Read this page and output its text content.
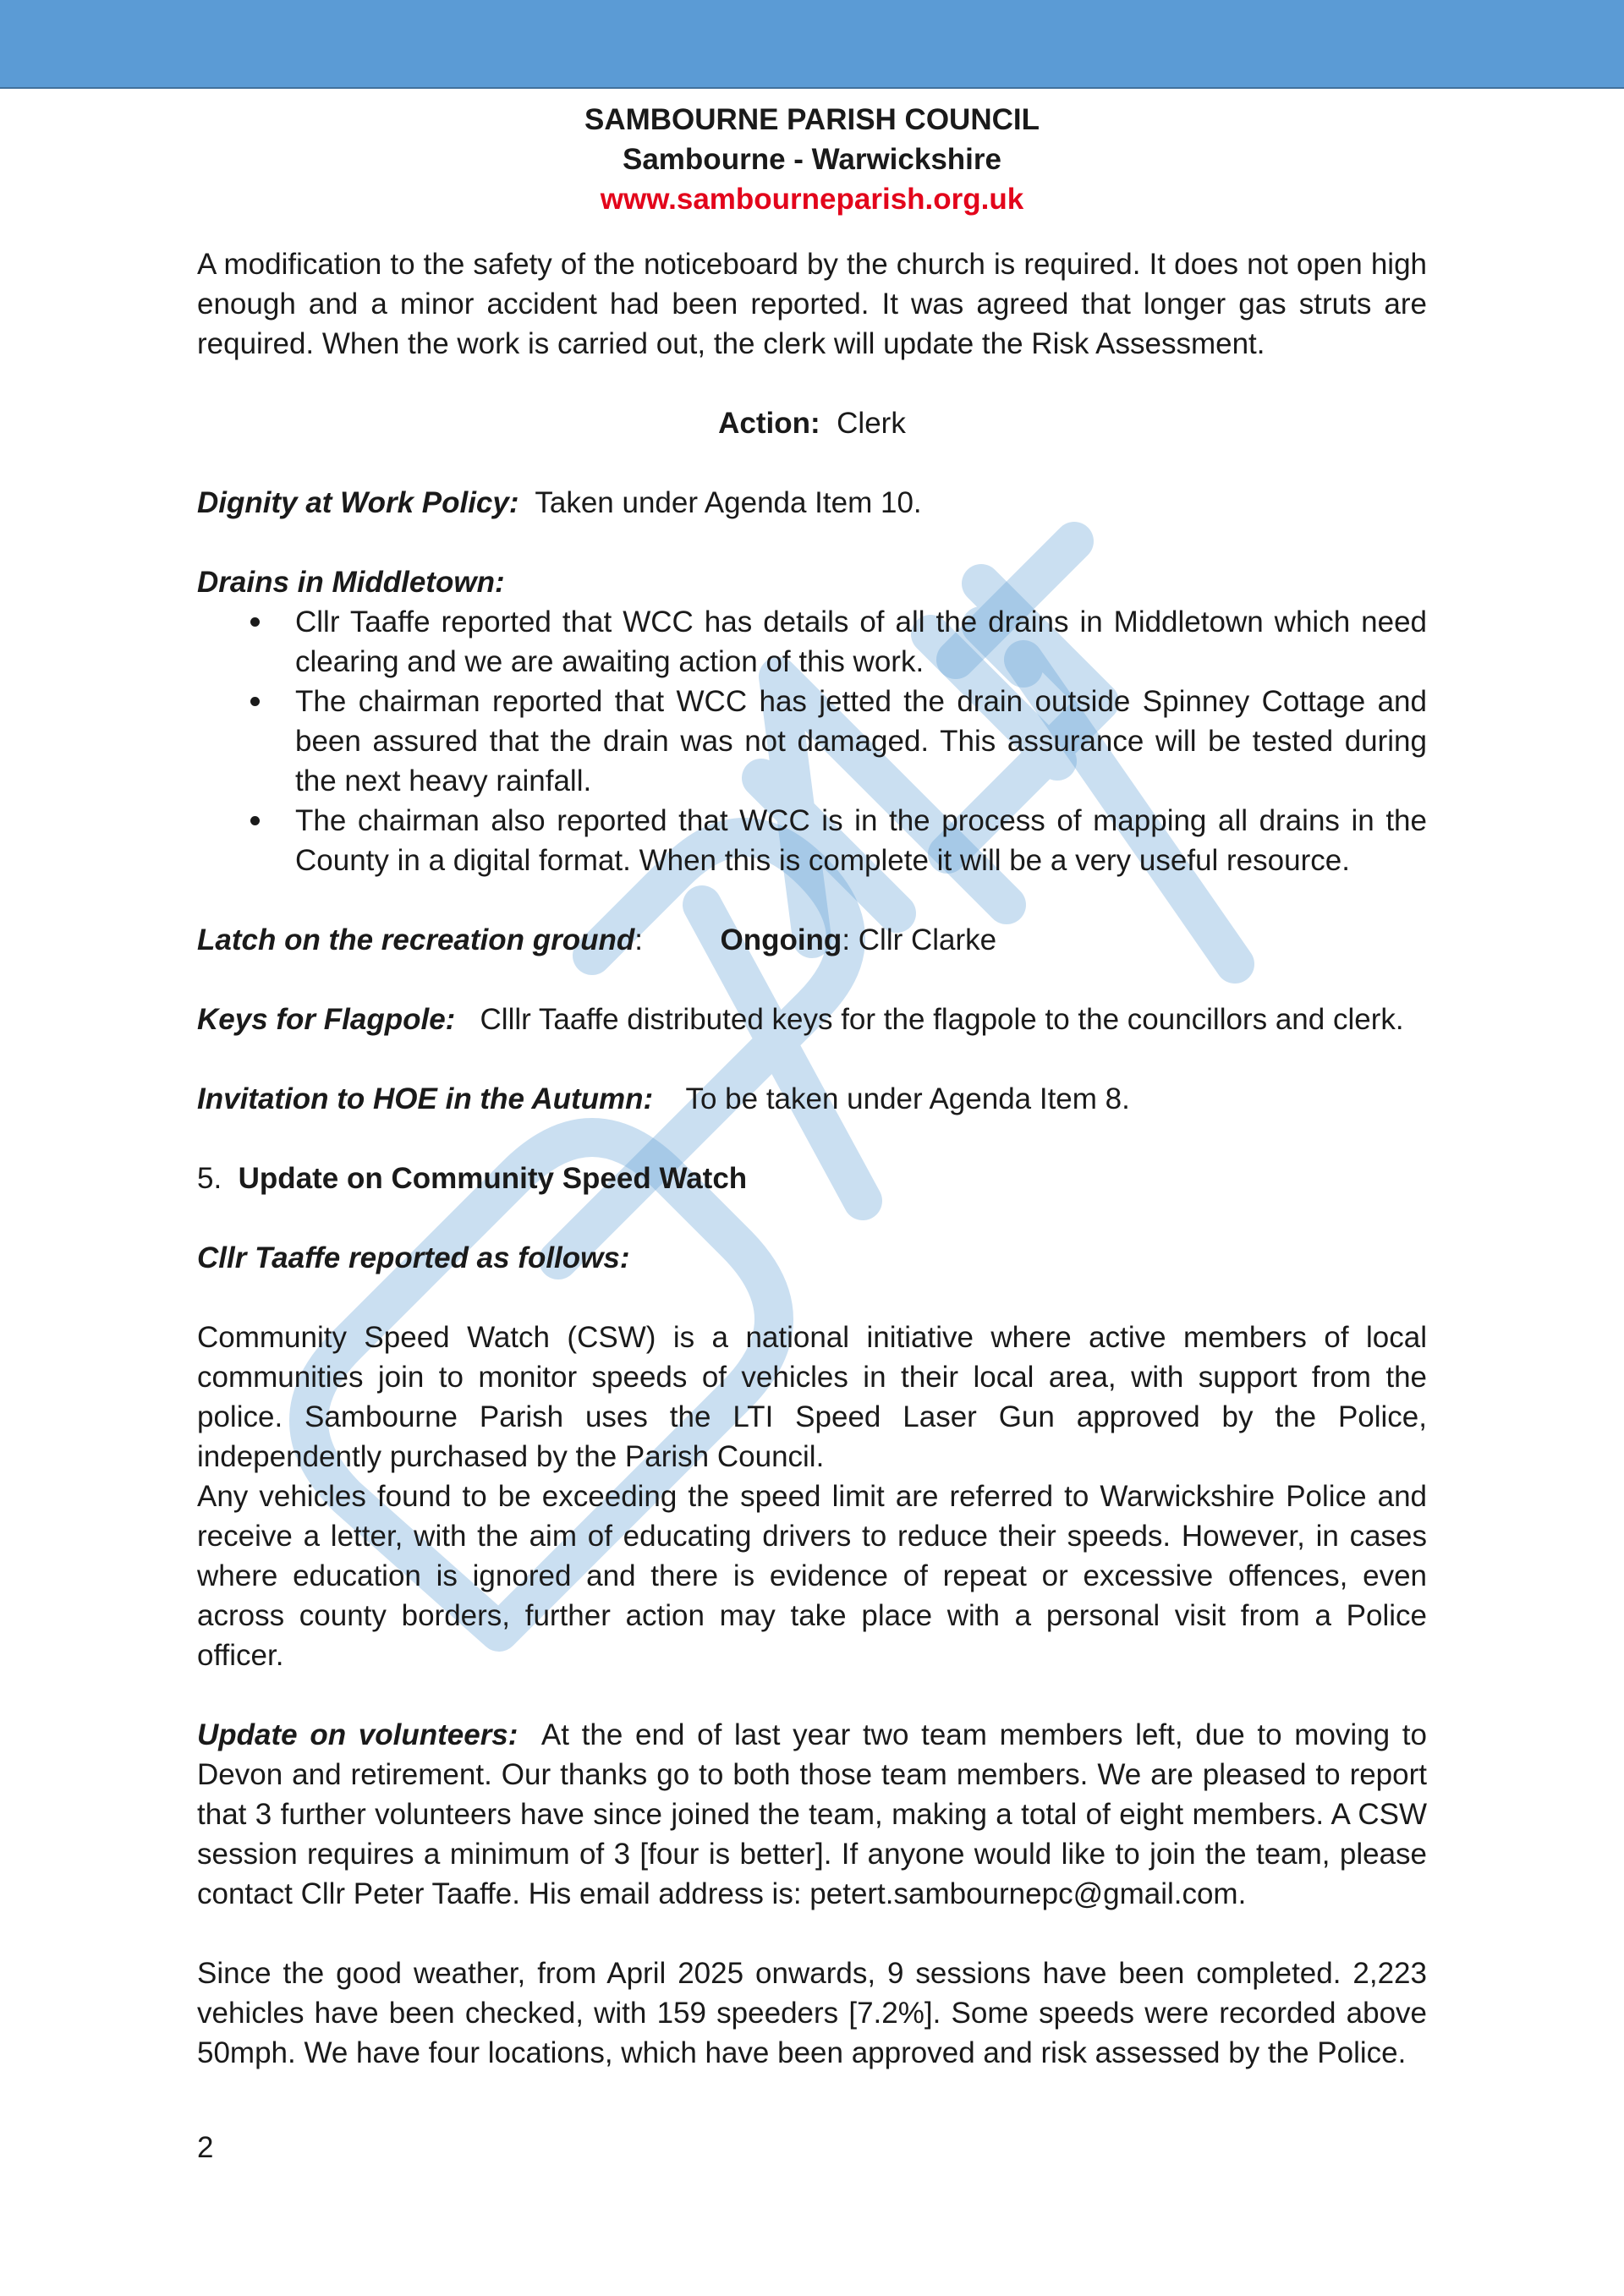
SAMBOURNE PARISH COUNCIL
Sambourne - Warwickshire
www.sambourneparish.org.uk

A modification to the safety of the noticeboard by the church is required. It does not open high enough and a minor accident had been reported. It was agreed that longer gas struts are required. When the work is carried out, the clerk will update the Risk Assessment.

Action: Clerk

Dignity at Work Policy: Taken under Agenda Item 10.

Drains in Middletown:

Cllr Taaffe reported that WCC has details of all the drains in Middletown which need clearing and we are awaiting action of this work.
The chairman reported that WCC has jetted the drain outside Spinney Cottage and been assured that the drain was not damaged. This assurance will be tested during the next heavy rainfall.
The chairman also reported that WCC is in the process of mapping all drains in the County in a digital format. When this is complete it will be a very useful resource.

Latch on the recreation ground:	Ongoing: Cllr Clarke

Keys for Flagpole: Clllr Taaffe distributed keys for the flagpole to the councillors and clerk.

Invitation to HOE in the Autumn: To be taken under Agenda Item 8.

5. Update on Community Speed Watch

Cllr Taaffe reported as follows:

Community Speed Watch (CSW) is a national initiative where active members of local communities join to monitor speeds of vehicles in their local area, with support from the police. Sambourne Parish uses the LTI Speed Laser Gun approved by the Police, independently purchased by the Parish Council.

Any vehicles found to be exceeding the speed limit are referred to Warwickshire Police and receive a letter, with the aim of educating drivers to reduce their speeds. However, in cases where education is ignored and there is evidence of repeat or excessive offences, even across county borders, further action may take place with a personal visit from a Police officer.

Update on volunteers: At the end of last year two team members left, due to moving to Devon and retirement. Our thanks go to both those team members. We are pleased to report that 3 further volunteers have since joined the team, making a total of eight members. A CSW session requires a minimum of 3 [four is better]. If anyone would like to join the team, please contact Cllr Peter Taaffe. His email address is: petert.sambournepc@gmail.com.

Since the good weather, from April 2025 onwards, 9 sessions have been completed. 2,223 vehicles have been checked, with 159 speeders [7.2%]. Some speeds were recorded above 50mph. We have four locations, which have been approved and risk assessed by the Police.

2
